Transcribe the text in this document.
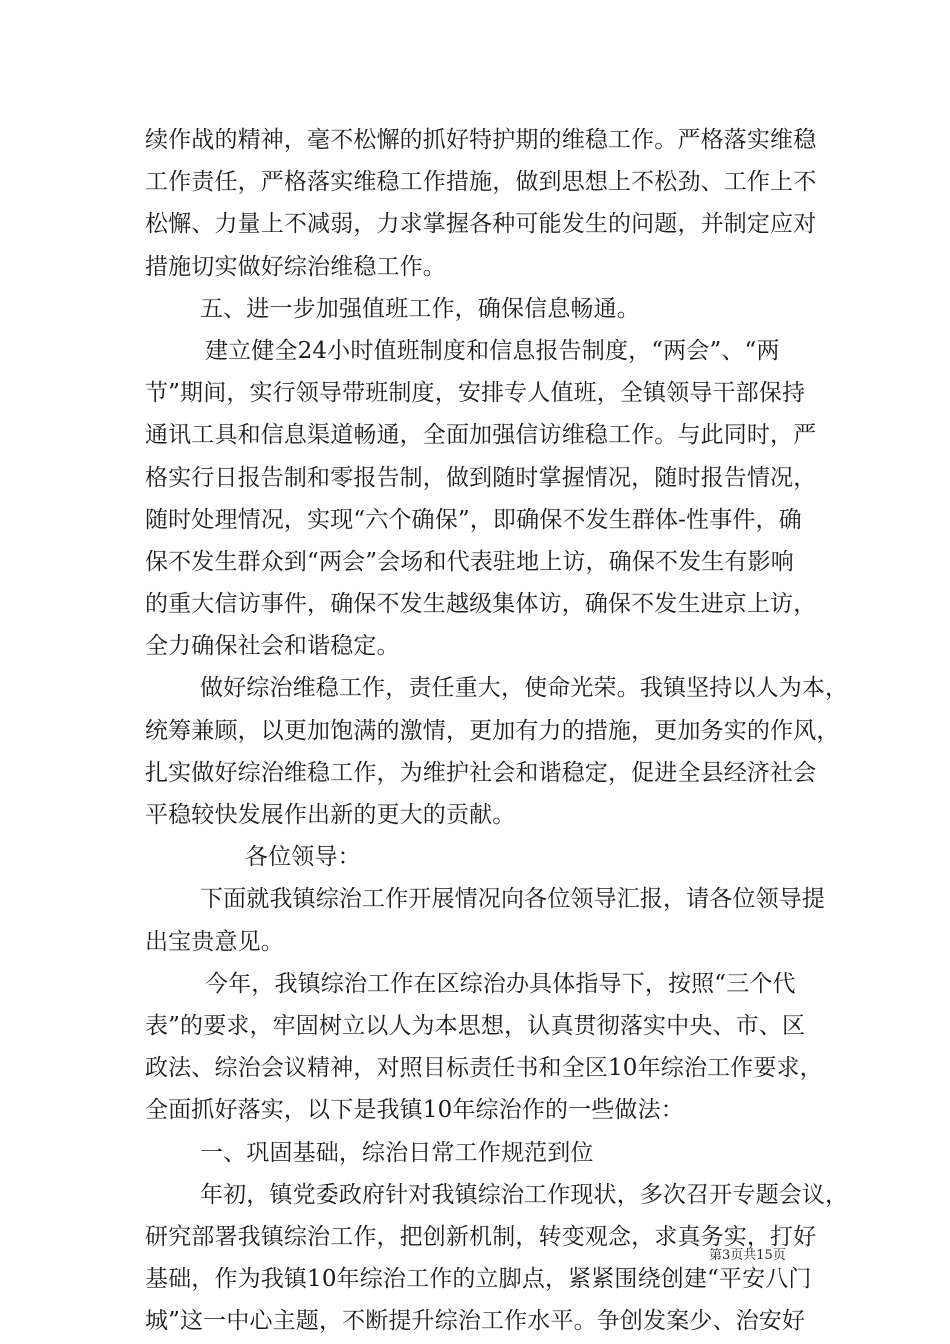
续作战的精神，毫不松懈的抓好特护期的维稳工作。严格落实维稳
工作责任，严格落实维稳工作措施，做到思想上不松劲、工作上不
松懈、力量上不减弱，力求掌握各种可能发生的问题，并制定应对
措施切实做好综治维稳工作。
五、进一步加强值班工作，确保信息畅通。
建立健全24小时值班制度和信息报告制度，“两会”、“两
节”期间，实行领导带班制度，安排专人值班，全镇领导干部保持
通讯工具和信息渠道畅通，全面加强信访维稳工作。与此同时，严
格实行日报告制和零报告制，做到随时掌握情况，随时报告情况，
随时处理情况，实现“六个确保”，即确保不发生群体-性事件，确
保不发生群众到“两会”会场和代表驻地上访，确保不发生有影响
的重大信访事件，确保不发生越级集体访，确保不发生进京上访，
全力确保社会和谐稳定。
做好综治维稳工作，责任重大，使命光荣。我镇坚持以人为本，
统筹兼顾，以更加饱满的激情，更加有力的措施，更加务实的作风，
扎实做好综治维稳工作，为维护社会和谐稳定，促进全县经济社会
平稳较快发展作出新的更大的贡献。
各位领导：
下面就我镇综治工作开展情况向各位领导汇报，请各位领导提
出宝贵意见。
今年，我镇综治工作在区综治办具体指导下，按照“三个代
表”的要求，牢固树立以人为本思想，认真贯彻落实中央、市、区
政法、综治会议精神，对照目标责任书和全区10年综治工作要求，
全面抓好落实，以下是我镇10年综治作的一些做法：
一、巩固基础，综治日常工作规范到位
年初，镇党委政府针对我镇综治工作现状，多次召开专题会议，
研究部署我镇综治工作，把创新机制，转变观念，求真务实，打好
基础，作为我镇10年综治工作的立脚点，紧紧围绕创建“平安八门
城”这一中心主题，不断提升综治工作水平。争创发案少、治安好
第3页共15页
